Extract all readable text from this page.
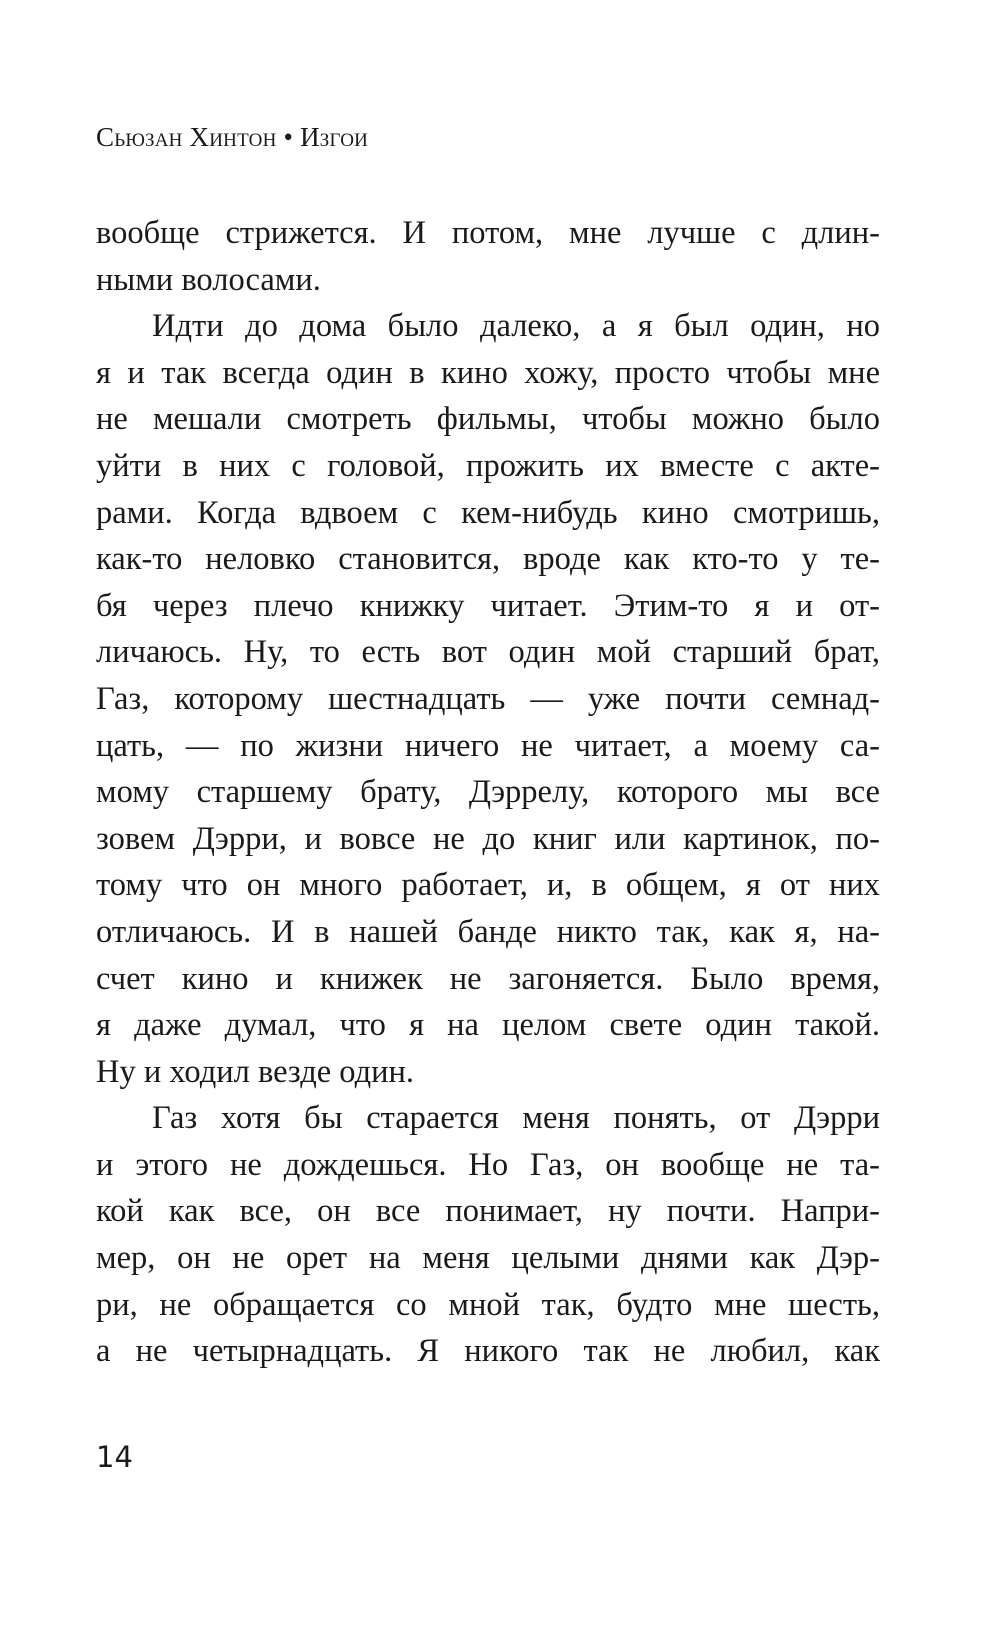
Сьюзан Хинтон • Изгои
вообще стрижется. И потом, мне лучше с длин-
ными волосами.
Идти до дома было далеко, а я был один, но
я и так всегда один в кино хожу, просто чтобы мне
не мешали смотреть фильмы, чтобы можно было
уйти в них с головой, прожить их вместе с акте-
рами. Когда вдвоем с кем-нибудь кино смотришь,
как-то неловко становится, вроде как кто-то у те-
бя через плечо книжку читает. Этим-то я и от-
личаюсь. Ну, то есть вот один мой старший брат,
Газ, которому шестнадцать — уже почти семнад-
цать, — по жизни ничего не читает, а моему са-
мому старшему брату, Дэррелу, которого мы все
зовем Дэрри, и вовсе не до книг или картинок, по-
тому что он много работает, и, в общем, я от них
отличаюсь. И в нашей банде никто так, как я, на-
счет кино и книжек не загоняется. Было время,
я даже думал, что я на целом свете один такой.
Ну и ходил везде один.
Газ хотя бы старается меня понять, от Дэрри
и этого не дождешься. Но Газ, он вообще не та-
кой как все, он все понимает, ну почти. Напри-
мер, он не орет на меня целыми днями как Дэр-
ри, не обращается со мной так, будто мне шесть,
а не четырнадцать. Я никого так не любил, как
14
